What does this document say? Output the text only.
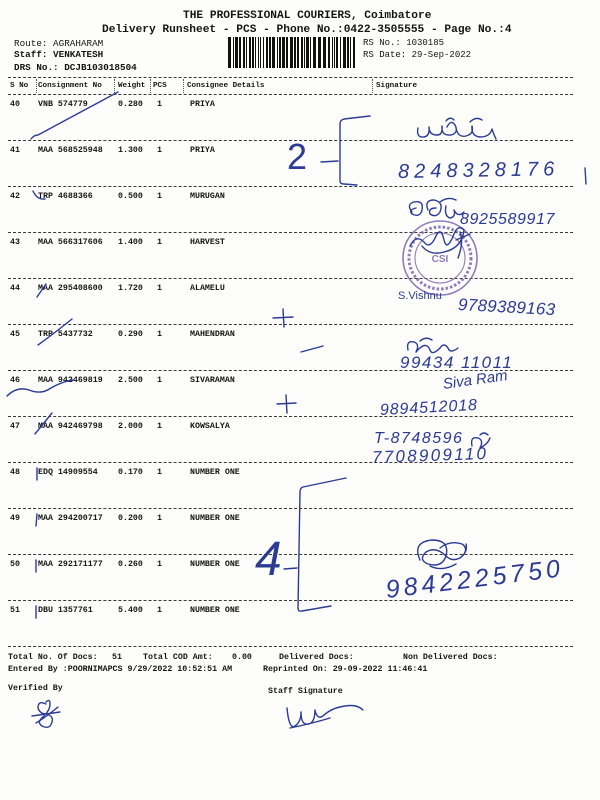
THE PROFESSIONAL COURIERS, Coimbatore
Delivery Runsheet - PCS - Phone No.:0422-3505555 - Page No.:4
Route: AGRAHARAM
Staff: VENKATESH
DRS No.: DCJB103018504
RS No.: 1030185
RS Date: 29-Sep-2022
S No Consignment No Weight PCS	Consignee Details	Signature
40 VNB 574779	0.280 1	PRIYA
41 MAA 568525948 1.300 1	PRIYA
42 TRP 4688366	0.500 1	MURUGAN
43 MAA 566317606 1.400 1	HARVEST
44 MAA 295408600 1.720 1	ALAMELU
45 TRP 5437732	0.290 1	MAHENDRAN
46 MAA 942469819 2.500 1	SIVARAMAN
47 MAA 942469798 2.000 1	KOWSALYA
48 EDQ 14909554 0.170 1	NUMBER ONE
49 MAA 294200717 0.200 1	NUMBER ONE
50 MAA 292171177 0.260 1	NUMBER ONE
51 DBU 1357761	5.400 1	NUMBER ONE
Total No. Of Docs: 51	Total COD Amt: 0.00	Delivered Docs:	Non Delivered Docs:
Entered By :POORNIMAPCS 9/29/2022 10:52:51 AM	Reprinted On: 29-09-2022 11:46:41
Verified By	Staff Signature
CSI
2	8248328176
8925589917
S.Vishnu 9789389163
99434 11011
Siva Ram
9894512018
T-8748596
7708909110
4	9842225750
